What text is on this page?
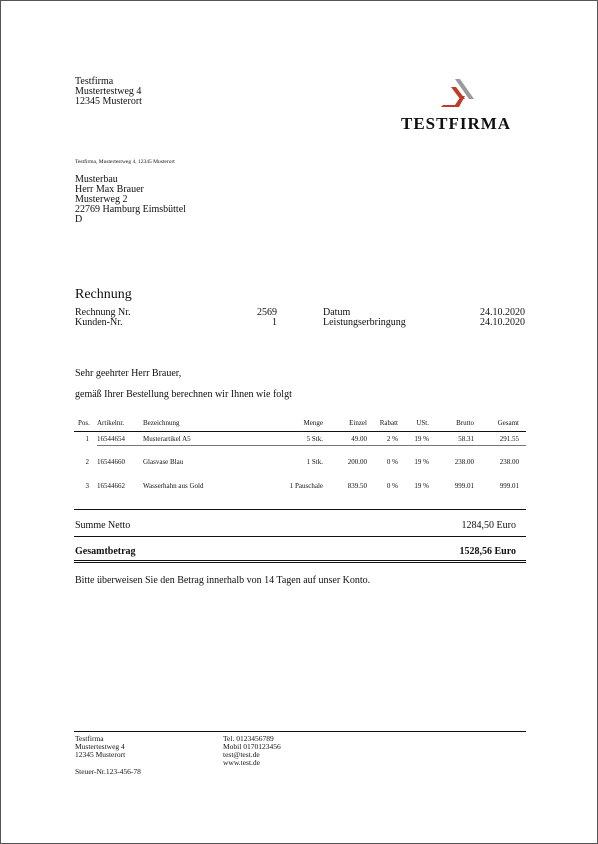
Testfirma
Mustertestweg 4
12345 Musterort
TESTFIRMA
Testfirma, Mustertestweg 4, 12345 Musterort
Musterbau
Herr Max Brauer
Musterweg 2
22769 Hamburg Eimsbüttel
D
Rechnung
Rechnung Nr.	2569	Datum	24.10.2020
Kunden-Nr.	1	Leistungserbringung	24.10.2020
Sehr geehrter Herr Brauer,
gemäß Ihrer Bestellung berechnen wir Ihnen wie folgt
Pos. Artikelnr.	Bezeichnung	Menge	Einzel	Rabatt	USt.	Brutto	Gesamt
1 16544654	Musterartikel A5	5 Stk.	49.00	2 %	19 %	58.31	291.55
2 16544660	Glasvase Blau	1 Stk.	200.00	0 %	19 %	238.00	238.00
3 16544662	Wasserhahn aus Gold	1 Pauschale	839.50	0 %	19 %	999.01	999.01
Summe Netto	1284,50 Euro
Gesamtbetrag	1528,56 Euro
Bitte überweisen Sie den Betrag innerhalb von 14 Tagen auf unser Konto.
Testfirma
Mustertestweg 4
12345 Musterort
Steuer-Nr.123-456-78
Tel. 0123456789
Mobil 0170123456
test@test.de
www.test.de
